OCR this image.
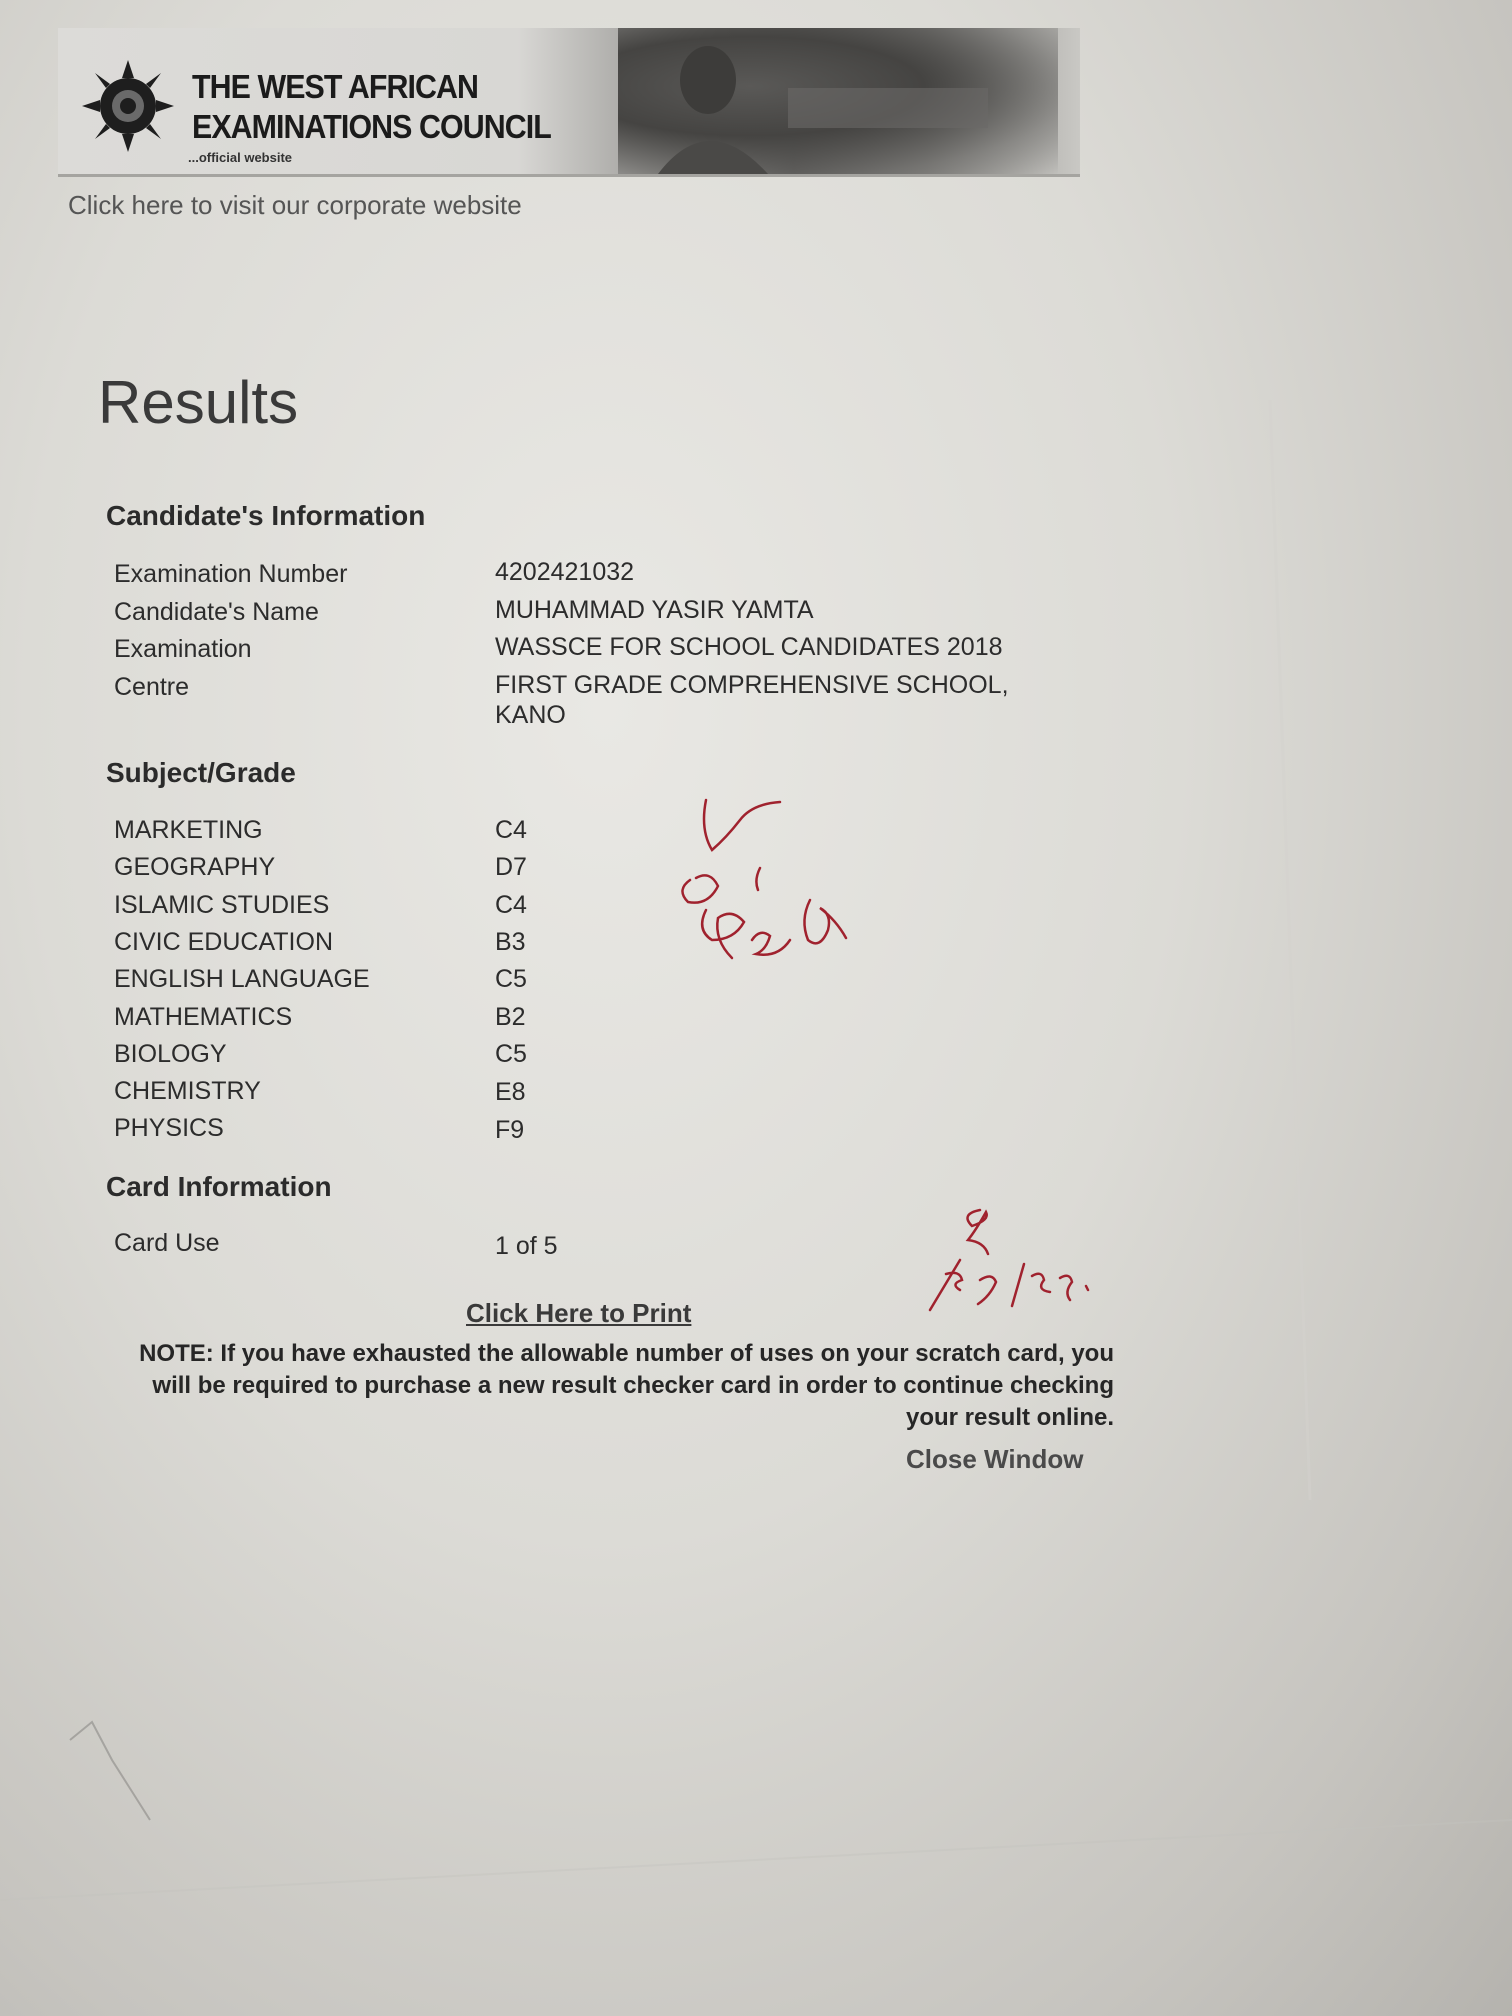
THE WEST AFRICAN
EXAMINATIONS COUNCIL
...official website
Click here to visit our corporate website
Results
Candidate's Information
Examination Number	4202421032
Candidate's Name	MUHAMMAD YASIR YAMTA
Examination	WASSCE FOR SCHOOL CANDIDATES 2018
Centre	FIRST GRADE COMPREHENSIVE SCHOOL,
KANO
Subject/Grade
MARKETING	C4
GEOGRAPHY	D7
ISLAMIC STUDIES	C4
CIVIC EDUCATION	B3
ENGLISH LANGUAGE	C5
MATHEMATICS	B2
BIOLOGY	C5
CHEMISTRY	E8
PHYSICS	F9
Card Information
Card Use	1 of 5
Click Here to Print
NOTE: If you have exhausted the allowable number of uses on your scratch card, you
will be required to purchase a new result checker card in order to continue checking
your result online.
Close Window
